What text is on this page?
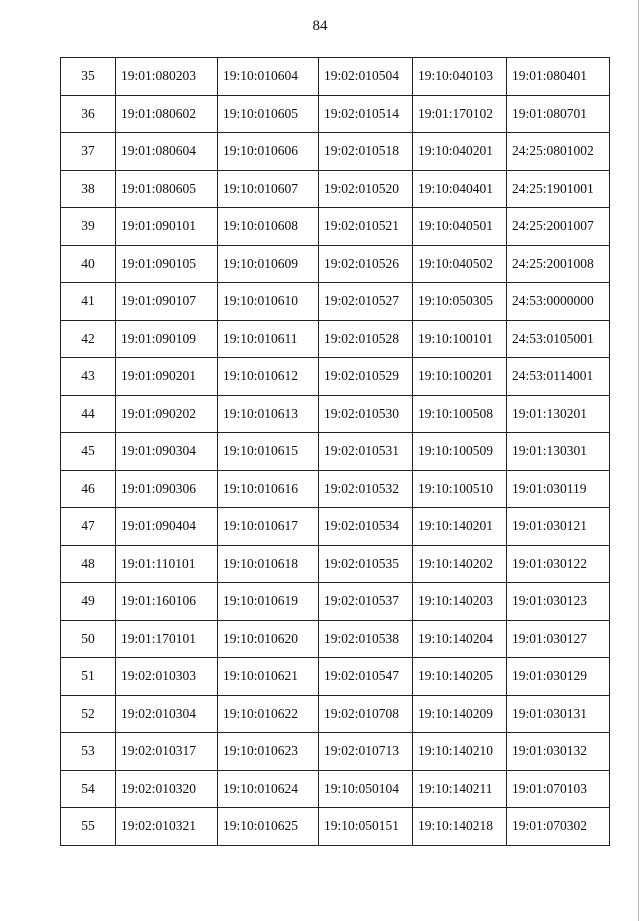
84
35	19:01:080203	19:10:010604	19:02:010504	19:10:040103	19:01:080401
36	19:01:080602	19:10:010605	19:02:010514	19:01:170102	19:01:080701
37	19:01:080604	19:10:010606	19:02:010518	19:10:040201	24:25:0801002
38	19:01:080605	19:10:010607	19:02:010520	19:10:040401	24:25:1901001
39	19:01:090101	19:10:010608	19:02:010521	19:10:040501	24:25:2001007
40	19:01:090105	19:10:010609	19:02:010526	19:10:040502	24:25:2001008
41	19:01:090107	19:10:010610	19:02:010527	19:10:050305	24:53:0000000
42	19:01:090109	19:10:010611	19:02:010528	19:10:100101	24:53:0105001
43	19:01:090201	19:10:010612	19:02:010529	19:10:100201	24:53:0114001
44	19:01:090202	19:10:010613	19:02:010530	19:10:100508	19:01:130201
45	19:01:090304	19:10:010615	19:02:010531	19:10:100509	19:01:130301
46	19:01:090306	19:10:010616	19:02:010532	19:10:100510	19:01:030119
47	19:01:090404	19:10:010617	19:02:010534	19:10:140201	19:01:030121
48	19:01:110101	19:10:010618	19:02:010535	19:10:140202	19:01:030122
49	19:01:160106	19:10:010619	19:02:010537	19:10:140203	19:01:030123
50	19:01:170101	19:10:010620	19:02:010538	19:10:140204	19:01:030127
51	19:02:010303	19:10:010621	19:02:010547	19:10:140205	19:01:030129
52	19:02:010304	19:10:010622	19:02:010708	19:10:140209	19:01:030131
53	19:02:010317	19:10:010623	19:02:010713	19:10:140210	19:01:030132
54	19:02:010320	19:10:010624	19:10:050104	19:10:140211	19:01:070103
55	19:02:010321	19:10:010625	19:10:050151	19:10:140218	19:01:070302
